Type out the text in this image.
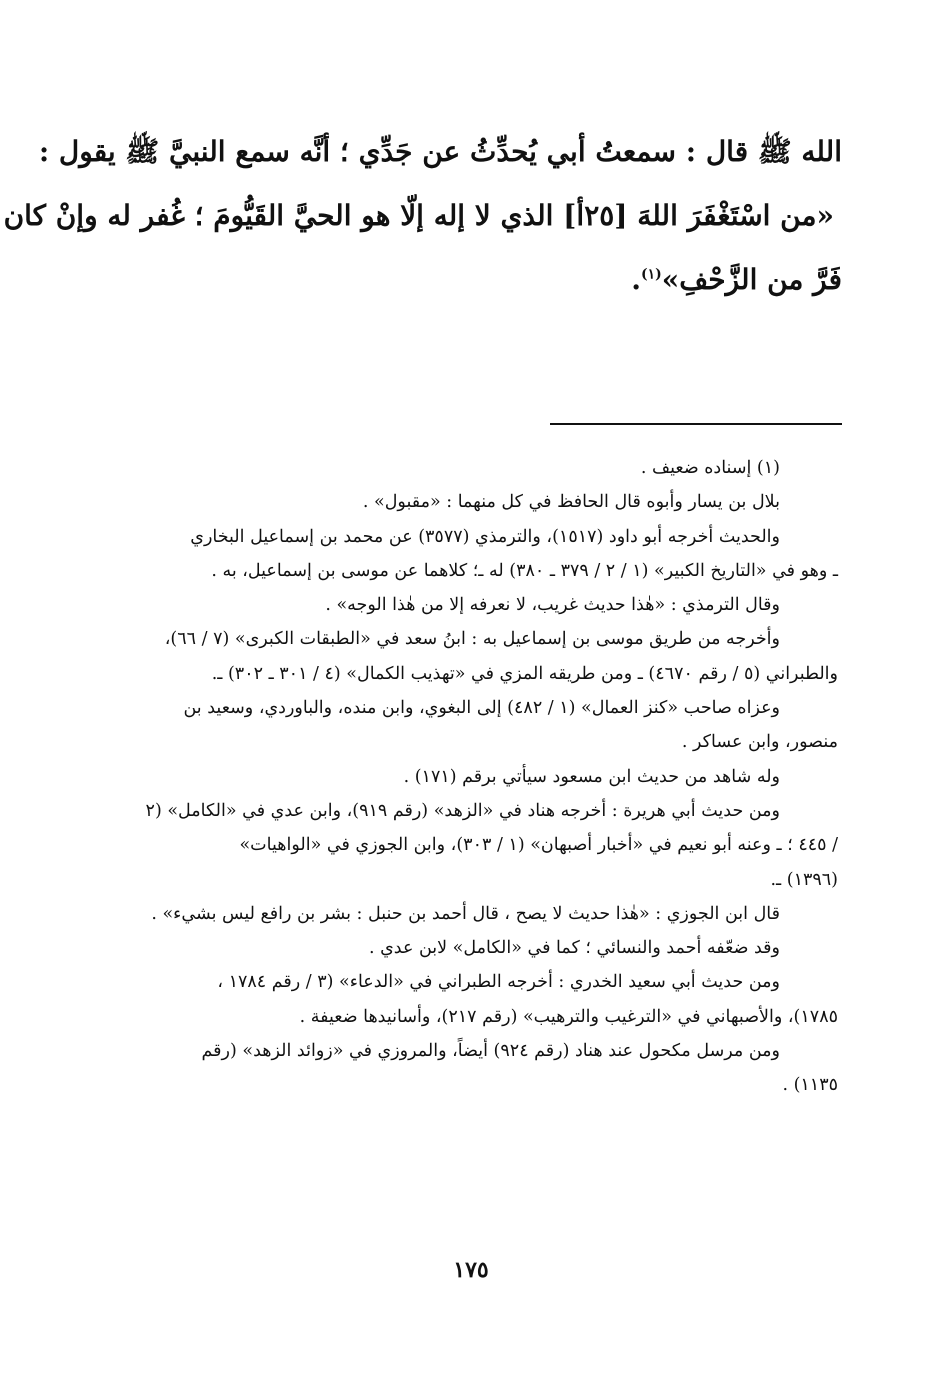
الله ﷺ قال : سمعتُ أبي يُحدِّثُ عن جَدِّي ؛ أنَّه سمع النبيَّ ﷺ يقول :
«من اسْتَغْفَرَ اللهَ [٢٥أ] الذي لا إله إلّا هو الحيَّ القَيُّومَ ؛ غُفر له وإنْ كان
فَرَّ من الزَّحْفِ»$^{(١)}$.
(١) إسناده ضعيف .
بلال بن يسار وأبوه قال الحافظ في كل منهما : «مقبول» .
والحديث أخرجه أبو داود (١٥١٧)، والترمذي (٣٥٧٧) عن محمد بن إسماعيل البخاري
ـ وهو في «التاريخ الكبير» (١ / ٢ / ٣٧٩ ـ ٣٨٠) له ـ؛ كلاهما عن موسى بن إسماعيل، به .
وقال الترمذي : «هٰذا حديث غريب، لا نعرفه إلا من هٰذا الوجه» .
وأخرجه من طريق موسى بن إسماعيل به : ابنُ سعد في «الطبقات الكبرى» (٧ / ٦٦)،
والطبراني (٥ / رقم ٤٦٧٠) ـ ومن طريقه المزي في «تهذيب الكمال» (٤ / ٣٠١ ـ ٣٠٢) ـ.
وعزاه صاحب «كنز العمال» (١ / ٤٨٢) إلى البغوي، وابن منده، والباوردي، وسعيد بن
منصور، وابن عساكر .
وله شاهد من حديث ابن مسعود سيأتي برقم (١٧١) .
ومن حديث أبي هريرة : أخرجه هناد في «الزهد» (رقم ٩١٩)، وابن عدي في «الكامل» (٢
/ ٤٤٥ ؛ ـ وعنه أبو نعيم في «أخبار أصبهان» (١ / ٣٠٣)، وابن الجوزي في «الواهيات»
(١٣٩٦) ـ.
قال ابن الجوزي : «هٰذا حديث لا يصح ، قال أحمد بن حنبل : بشر بن رافع ليس بشيء» .
وقد ضعّفه أحمد والنسائي ؛ كما في «الكامل» لابن عدي .
ومن حديث أبي سعيد الخدري : أخرجه الطبراني في «الدعاء» (٣ / رقم ١٧٨٤ ،
١٧٨٥)، والأصبهاني في «الترغيب والترهيب» (رقم ٢١٧)، وأسانيدها ضعيفة .
ومن مرسل مكحول عند هناد (رقم ٩٢٤) أيضاً، والمروزي في «زوائد الزهد» (رقم
١١٣٥) .
١٧٥
